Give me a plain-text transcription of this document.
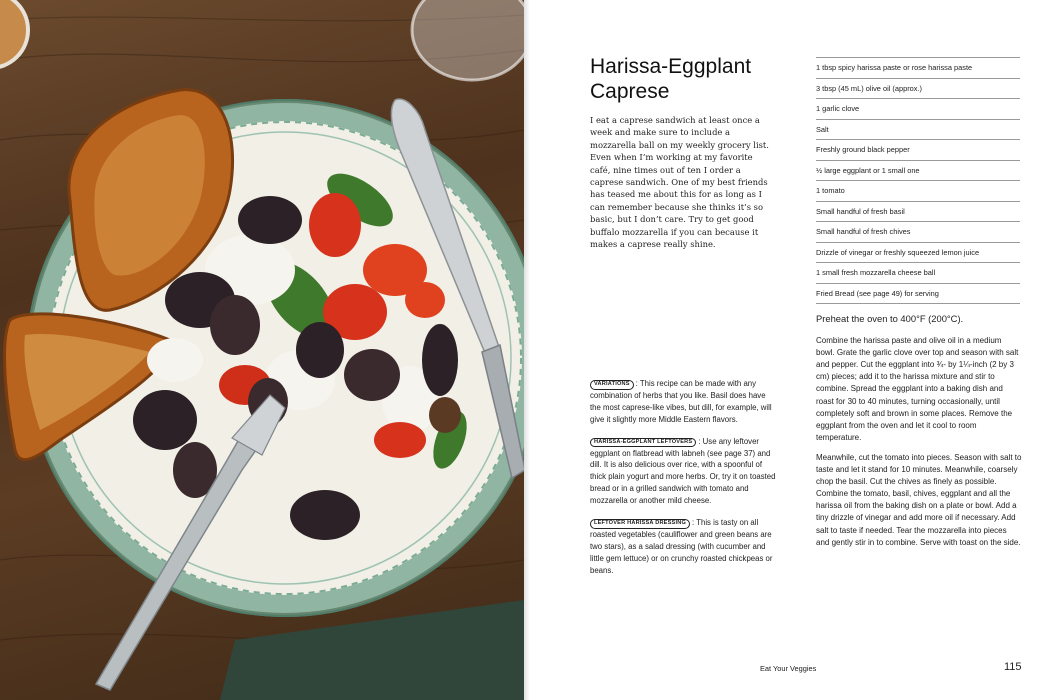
Harissa-Eggplant Caprese

I eat a caprese sandwich at least once a week and make sure to include a mozzarella ball on my weekly grocery list. Even when I’m working at my favorite café, nine times out of ten I order a caprese sandwich. One of my best friends has teased me about this for as long as I can remember because she thinks it’s so basic, but I don’t care. Try to get good buffalo mozzarella if you can because it makes a caprese really shine.

VARIATIONS : This recipe can be made with any combination of herbs that you like. Basil does have the most caprese-like vibes, but dill, for example, will give it slightly more Middle Eastern flavors.

HARISSA-EGGPLANT LEFTOVERS : Use any leftover eggplant on flatbread with labneh (see page 37) and dill. It is also delicious over rice, with a spoonful of thick plain yogurt and more herbs. Or, try it on toasted bread or in a grilled sandwich with tomato and mozzarella or another mild cheese.

LEFTOVER HARISSA DRESSING : This is tasty on all roasted vegetables (cauliflower and green beans are two stars), as a salad dressing (with cucumber and little gem lettuce) or on crunchy roasted chickpeas or beans.

1 tbsp spicy harissa paste or rose harissa paste
3 tbsp (45 mL) olive oil (approx.)
1 garlic clove
Salt
Freshly ground black pepper
½ large eggplant or 1 small one
1 tomato
Small handful of fresh basil
Small handful of fresh chives
Drizzle of vinegar or freshly squeezed lemon juice
1 small fresh mozzarella cheese ball
Fried Bread (see page 49) for serving

Preheat the oven to 400°F (200°C).

Combine the harissa paste and olive oil in a medium bowl. Grate the garlic clove over top and season with salt and pepper. Cut the eggplant into ¾- by 1¼-inch (2 by 3 cm) pieces; add it to the harissa mixture and stir to combine. Spread the eggplant into a baking dish and roast for 30 to 40 minutes, turning occasionally, until completely soft and brown in some places. Remove the eggplant from the oven and let it cool to room temperature.

Meanwhile, cut the tomato into pieces. Season with salt to taste and let it stand for 10 minutes. Meanwhile, coarsely chop the basil. Cut the chives as finely as possible. Combine the tomato, basil, chives, eggplant and all the harissa oil from the baking dish on a plate or bowl. Add a tiny drizzle of vinegar and add more oil if necessary. Add salt to taste if needed. Tear the mozzarella into pieces and gently stir in to combine. Serve with toast on the side.

Eat Your Veggies	115
